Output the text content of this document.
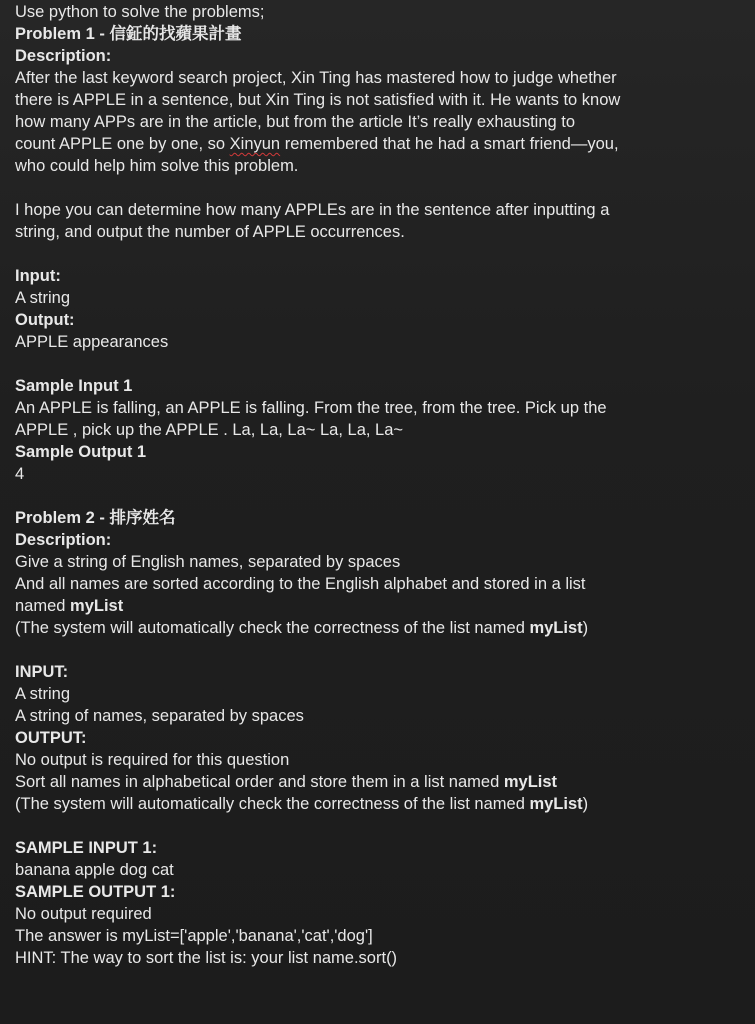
Use python to solve the problems;
Problem 1 - 信鉦的找蘋果計畫
Description:
After the last keyword search project, Xin Ting has mastered how to judge whether
there is APPLE in a sentence, but Xin Ting is not satisfied with it. He wants to know
how many APPs are in the article, but from the article It’s really exhausting to
count APPLE one by one, so Xinyun remembered that he had a smart friend—you,
who could help him solve this problem.
I hope you can determine how many APPLEs are in the sentence after inputting a
string, and output the number of APPLE occurrences.
Input:
A string
Output:
APPLE appearances
Sample Input 1
An APPLE is falling, an APPLE is falling. From the tree, from the tree. Pick up the
APPLE , pick up the APPLE . La, La, La~ La, La, La~
Sample Output 1
4
Problem 2 - 排序姓名
Description:
Give a string of English names, separated by spaces
And all names are sorted according to the English alphabet and stored in a list
named myList
(The system will automatically check the correctness of the list named myList)
INPUT:
A string
A string of names, separated by spaces
OUTPUT:
No output is required for this question
Sort all names in alphabetical order and store them in a list named myList
(The system will automatically check the correctness of the list named myList)
SAMPLE INPUT 1:
banana apple dog cat
SAMPLE OUTPUT 1:
No output required
The answer is myList=['apple','banana','cat','dog']
HINT: The way to sort the list is: your list name.sort()
